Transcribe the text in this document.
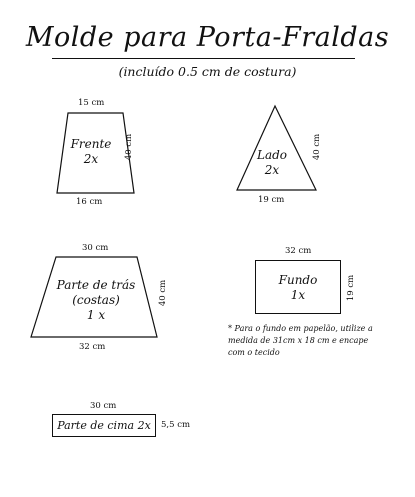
Molde para Porta-Fraldas
(incluído 0.5 cm de costura)
15 cm
16 cm
40 cm
Frente
2x	40 cm
19 cm
Lado
2x
30 cm
32 cm
40 cm
Parte de trás
(costas)
1 x
32 cm
19 cm
Fundo
1x
* Para o fundo em papelão, utilize a medida de 31cm x 18 cm e encape com o tecido
30 cm
Parte de cima 2x 5,5 cm
